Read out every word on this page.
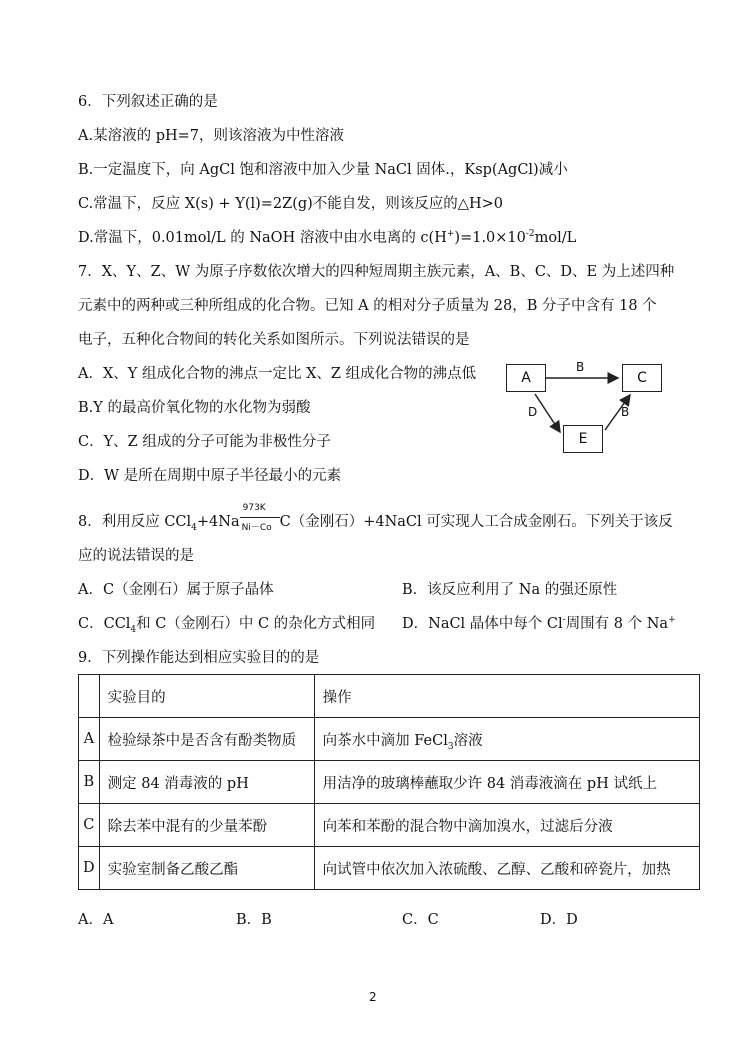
6．下列叙述正确的是
A.某溶液的 pH=7，则该溶液为中性溶液
B.一定温度下，向 AgCl 饱和溶液中加入少量 NaCl 固体.，Ksp(AgCl)减小
C.常温下，反应 X(s) + Y(l)=2Z(g)不能自发，则该反应的△H>0
D.常温下，0.01mol/L 的 NaOH 溶液中由水电离的 $c(H^+)=1.0\times 10^{-2}mol/L$
7．X、Y、Z、W 为原子序数依次增大的四种短周期主族元素，A、B、C、D、E 为上述四种
元素中的两种或三种所组成的化合物。已知 A 的相对分子质量为 28，B 分子中含有 18 个
电子，五种化合物间的转化关系如图所示。下列说法错误的是
A．X、Y 组成化合物的沸点一定比 X、Z 组成化合物的沸点低
B.Y 的最高价氧化物的水化物为弱酸
C．Y、Z 组成的分子可能为非极性分子
D．W 是所在周期中原子半径最小的元素
A	C
E
B
D	B
8．利用反应 $CCl_4+4Na \frac{973K}{Ni-Co} C$（金刚石）+4NaCl 可实现人工合成金刚石。下列关于该反
应的说法错误的是
A．C（金刚石）属于原子晶体	B．该反应利用了 Na 的强还原性
C．CCl$_4$和 C（金刚石）中 C 的杂化方式相同 D．NaCl 晶体中每个 Cl-周围有 8 个 Na+
9．下列操作能达到相应实验目的的是
	实验目的	操作
A	检验绿茶中是否含有酚类物质	向茶水中滴加 FeCl$_3$溶液
B	测定 84 消毒液的 pH	用洁净的玻璃棒蘸取少许 84 消毒液滴在 pH 试纸上
C	除去苯中混有的少量苯酚	向苯和苯酚的混合物中滴加溴水，过滤后分液
D	实验室制备乙酸乙酯	向试管中依次加入浓硫酸、乙醇、乙酸和碎瓷片，加热
A．A	B．B	C．C	D．D
2
